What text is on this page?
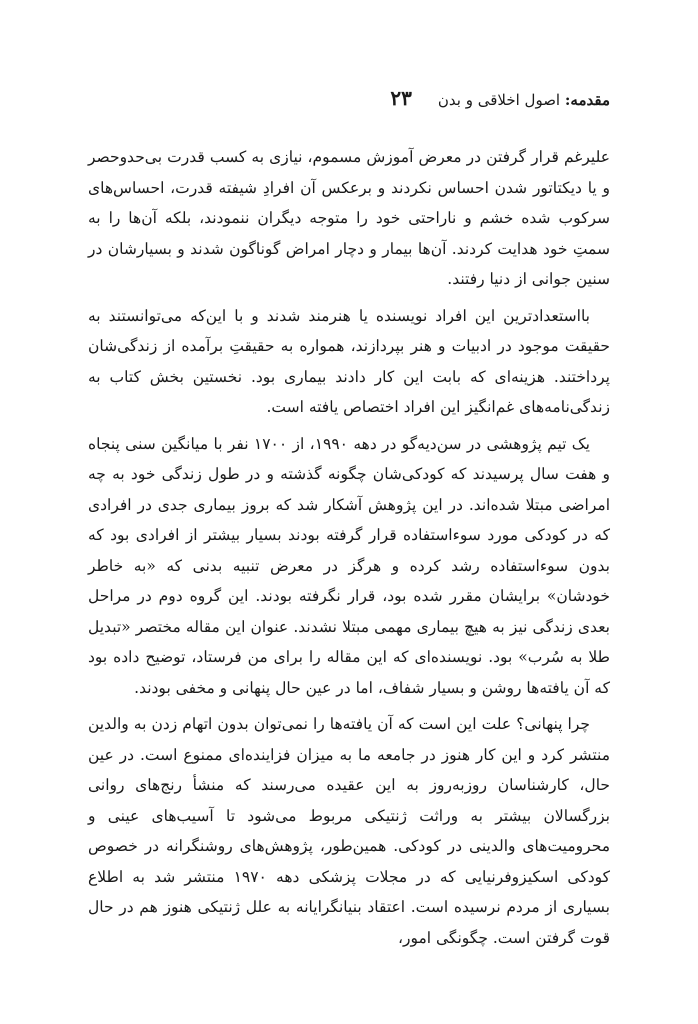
مقدمه: اصول اخلاقی و بدن
۲۳

علیرغم قرار گرفتن در معرض آموزش مسموم، نیازی به کسب قدرت بی‌حدوحصر و یا دیکتاتور شدن احساس نکردند و برعکس آن افرادِ شیفته قدرت، احساس‌های سرکوب شده خشم و ناراحتی خود را متوجه دیگران ننمودند، بلکه آن‌ها را به سمتِ خود هدایت کردند. آن‌ها بیمار و دچار امراض گوناگون شدند و بسیارشان در سنین جوانی از دنیا رفتند.

بااستعدادترین این افراد نویسنده یا هنرمند شدند و با این‌که می‌توانستند به حقیقت موجود در ادبیات و هنر بپردازند، همواره به حقیقتِ برآمده از زندگی‌شان پرداختند. هزینه‌ای که بابت این کار دادند بیماری بود. نخستین بخش کتاب به زندگی‌نامه‌های غم‌انگیز این افراد اختصاص یافته است.

یک تیم پژوهشی در سن‌دیه‌گو در دهه ۱۹۹۰، از ۱۷۰۰ نفر با میانگین سنی پنجاه و هفت سال پرسیدند که کودکی‌شان چگونه گذشته و در طول زندگی خود به چه امراضی مبتلا شده‌اند. در این پژوهش آشکار شد که بروز بیماری جدی در افرادی که در کودکی مورد سوءاستفاده قرار گرفته بودند بسیار بیشتر از افرادی بود که بدون سوءاستفاده رشد کرده و هرگز در معرض تنبیه بدنی که «به خاطر خودشان» برایشان مقرر شده بود، قرار نگرفته بودند. این گروه دوم در مراحل بعدی زندگی نیز به هیچ بیماری مهمی مبتلا نشدند. عنوان این مقاله مختصر «تبدیل طلا به سُرب» بود. نویسنده‌ای که این مقاله را برای من فرستاد، توضیح داده بود که آن یافته‌ها روشن و بسیار شفاف، اما در عین حال پنهانی و مخفی بودند.

چرا پنهانی؟ علت این است که آن یافته‌ها را نمی‌توان بدون اتهام زدن به والدین منتشر کرد و این کار هنوز در جامعه ما به میزان فزاینده‌ای ممنوع است. در عین حال، کارشناسان روزبه‌روز به این عقیده می‌رسند که منشأ رنج‌های روانی بزرگسالان بیشتر به وراثت ژنتیکی مربوط می‌شود تا آسیب‌های عینی و محرومیت‌های والدینی در کودکی. همین‌طور، پژوهش‌های روشنگرانه در خصوص کودکی اسکیزوفرنیایی که در مجلات پزشکی دهه ۱۹۷۰ منتشر شد به اطلاع بسیاری از مردم نرسیده است. اعتقاد بنیانگرایانه به علل ژنتیکی هنوز هم در حال قوت گرفتن است. چگونگی امور،
